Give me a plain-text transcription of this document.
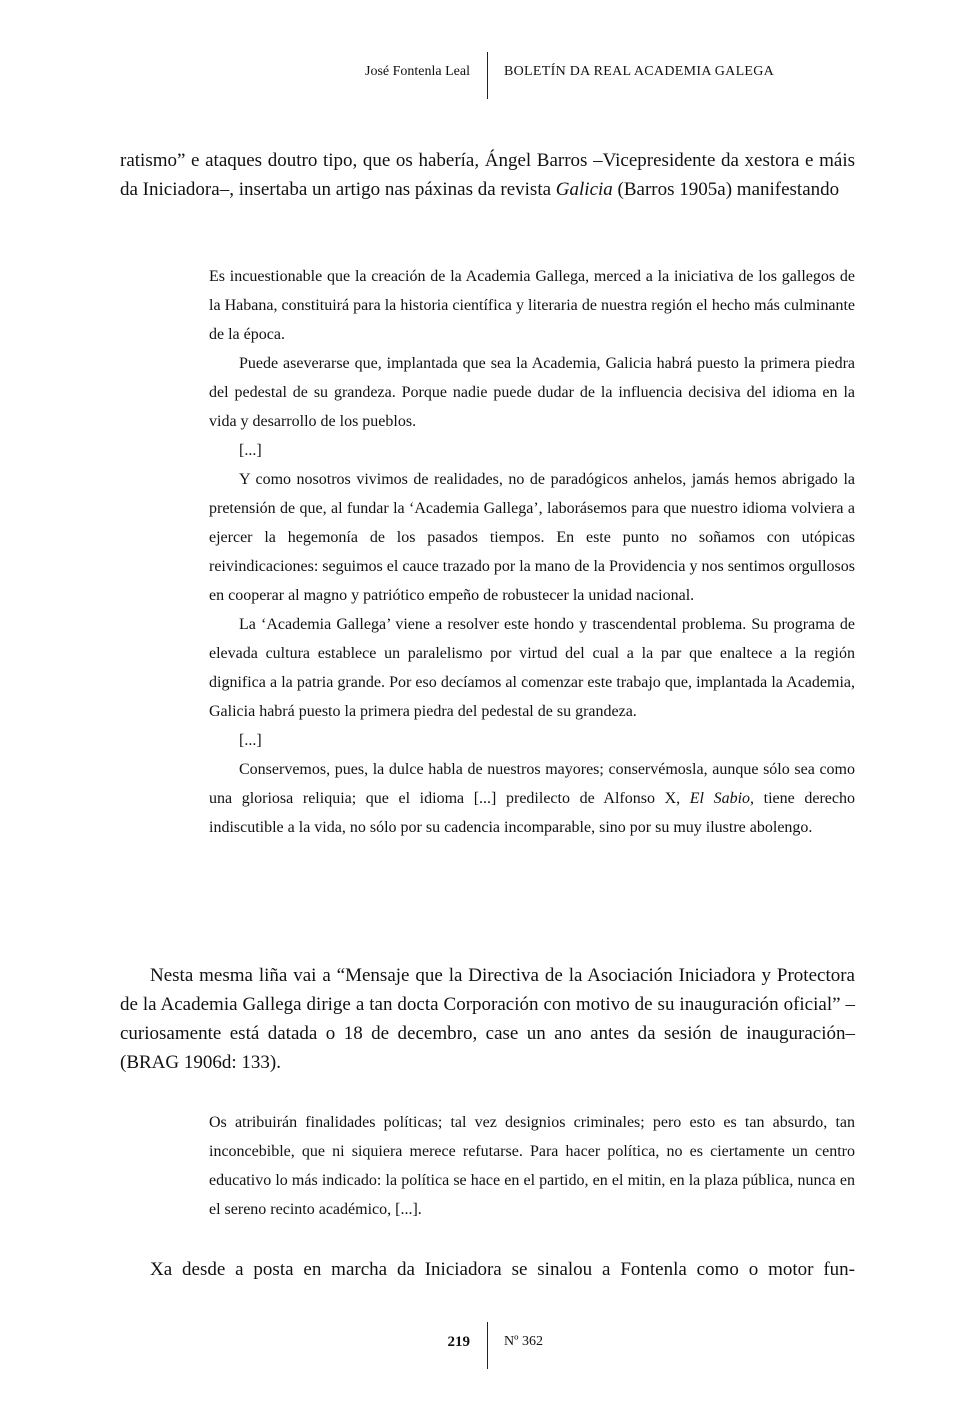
José Fontenla Leal BOLETÍN DA REAL ACADEMIA GALEGA

ratismo” e ataques doutro tipo, que os habería, Ángel Barros –Vicepresidente da xestora e máis da Iniciadora–, insertaba un artigo nas páxinas da revista Galicia (Barros 1905a) manifestando

Es incuestionable que la creación de la Academia Gallega, merced a la iniciativa de los gallegos de la Habana, constituirá para la historia científica y literaria de nuestra región el hecho más culminante de la época.

Puede aseverarse que, implantada que sea la Academia, Galicia habrá puesto la primera piedra del pedestal de su grandeza. Porque nadie puede dudar de la influencia decisiva del idioma en la vida y desarrollo de los pueblos.

[...]

Y como nosotros vivimos de realidades, no de paradógicos anhelos, jamás hemos abrigado la pretensión de que, al fundar la ‘Academia Gallega’, laborásemos para que nuestro idioma volviera a ejercer la hegemonía de los pasados tiempos. En este punto no soñamos con utópicas reivindicaciones: seguimos el cauce trazado por la mano de la Providencia y nos sentimos orgullosos en cooperar al magno y patriótico empeño de robustecer la unidad nacional.

La ‘Academia Gallega’ viene a resolver este hondo y trascendental problema. Su programa de elevada cultura establece un paralelismo por virtud del cual a la par que enaltece a la región dignifica a la patria grande. Por eso decíamos al comenzar este trabajo que, implantada la Academia, Galicia habrá puesto la primera piedra del pedestal de su grandeza.

[...]

Conservemos, pues, la dulce habla de nuestros mayores; conservémosla, aunque sólo sea como una gloriosa reliquia; que el idioma [...] predilecto de Alfonso X, El Sabio, tiene derecho indiscutible a la vida, no sólo por su cadencia incomparable, sino por su muy ilustre abolengo.

Nesta mesma liña vai a “Mensaje que la Directiva de la Asociación Iniciadora y Protectora de la Academia Gallega dirige a tan docta Corporación con motivo de su inauguración oficial” –curiosamente está datada o 18 de decembro, case un ano antes da sesión de inauguración– (BRAG 1906d: 133).

Os atribuirán finalidades políticas; tal vez designios criminales; pero esto es tan absurdo, tan inconcebible, que ni siquiera merece refutarse. Para hacer política, no es ciertamente un centro educativo lo más indicado: la política se hace en el partido, en el mitin, en la plaza pública, nunca en el sereno recinto académico, [...].

Xa desde a posta en marcha da Iniciadora se sinalou a Fontenla como o motor fun-

219 Nº 362
